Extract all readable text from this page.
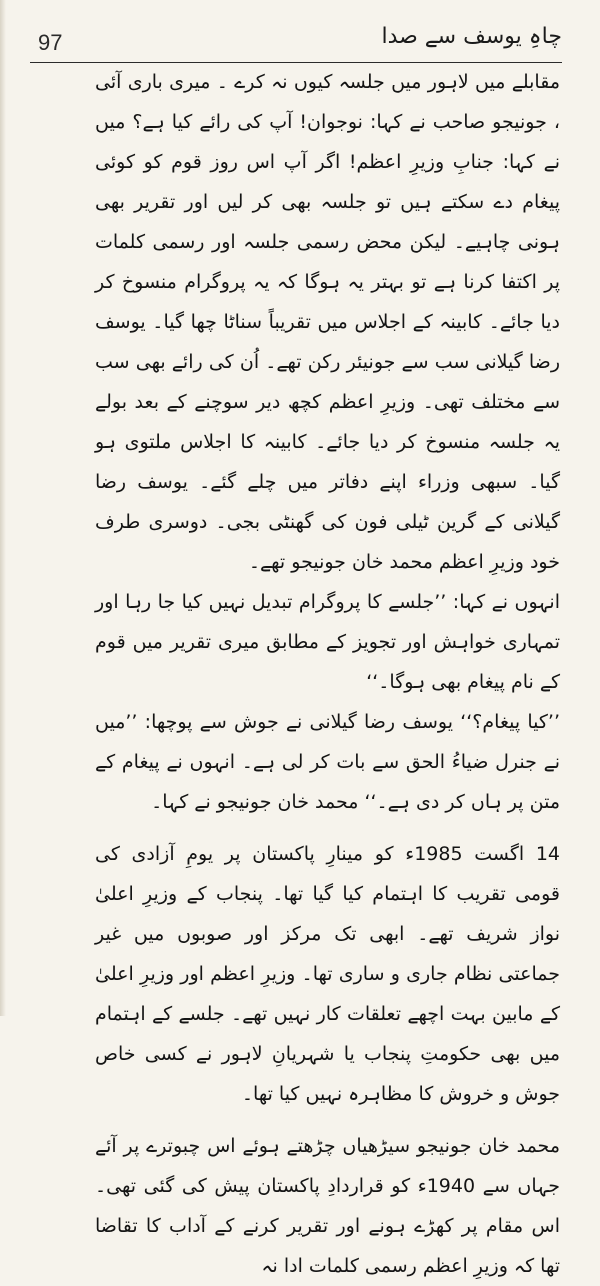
97	چاہِ یوسف سے صدا

مقابلے میں لاہور میں جلسہ کیوں نہ کرے ۔ میری باری آئی ، جونیجو صاحب نے کہا: نوجوان! آپ کی رائے کیا ہے؟ میں نے کہا: جنابِ وزیرِ اعظم! اگر آپ اس روز قوم کو کوئی پیغام دے سکتے ہیں تو جلسہ بھی کر لیں اور تقریر بھی ہونی چاہیے۔ لیکن محض رسمی جلسہ اور رسمی کلمات پر اکتفا کرنا ہے تو بہتر یہ ہوگا کہ یہ پروگرام منسوخ کر دیا جائے۔ کابینہ کے اجلاس میں تقریباً سناٹا چھا گیا۔ یوسف رضا گیلانی سب سے جونیئر رکن تھے۔ اُن کی رائے بھی سب سے مختلف تھی۔ وزیرِ اعظم کچھ دیر سوچنے کے بعد بولے یہ جلسہ منسوخ کر دیا جائے۔ کابینہ کا اجلاس ملتوی ہو گیا۔ سبھی وزراء اپنے دفاتر میں چلے گئے۔ یوسف رضا گیلانی کے گرین ٹیلی فون کی گھنٹی بجی۔ دوسری طرف خود وزیرِ اعظم محمد خان جونیجو تھے۔

انہوں نے کہا: ’’جلسے کا پروگرام تبدیل نہیں کیا جا رہا اور تمہاری خواہش اور تجویز کے مطابق میری تقریر میں قوم کے نام پیغام بھی ہوگا۔‘‘

’’کیا پیغام؟‘‘ یوسف رضا گیلانی نے جوش سے پوچھا: ’’میں نے جنرل ضیاءُ الحق سے بات کر لی ہے۔ انہوں نے پیغام کے متن پر ہاں کر دی ہے۔‘‘ محمد خان جونیجو نے کہا۔

14 اگست 1985ء کو مینارِ پاکستان پر یومِ آزادی کی قومی تقریب کا اہتمام کیا گیا تھا۔ پنجاب کے وزیرِ اعلیٰ نواز شریف تھے۔ ابھی تک مرکز اور صوبوں میں غیر جماعتی نظام جاری و ساری تھا۔ وزیرِ اعظم اور وزیرِ اعلیٰ کے مابین بہت اچھے تعلقات کار نہیں تھے۔ جلسے کے اہتمام میں بھی حکومتِ پنجاب یا شہریانِ لاہور نے کسی خاص جوش و خروش کا مظاہرہ نہیں کیا تھا۔

محمد خان جونیجو سیڑھیاں چڑھتے ہوئے اس چبوترے پر آئے جہاں سے 1940ء کو قراردادِ پاکستان پیش کی گئی تھی۔ اس مقام پر کھڑے ہونے اور تقریر کرنے کے آداب کا تقاضا تھا کہ وزیرِ اعظم رسمی کلمات ادا نہ
